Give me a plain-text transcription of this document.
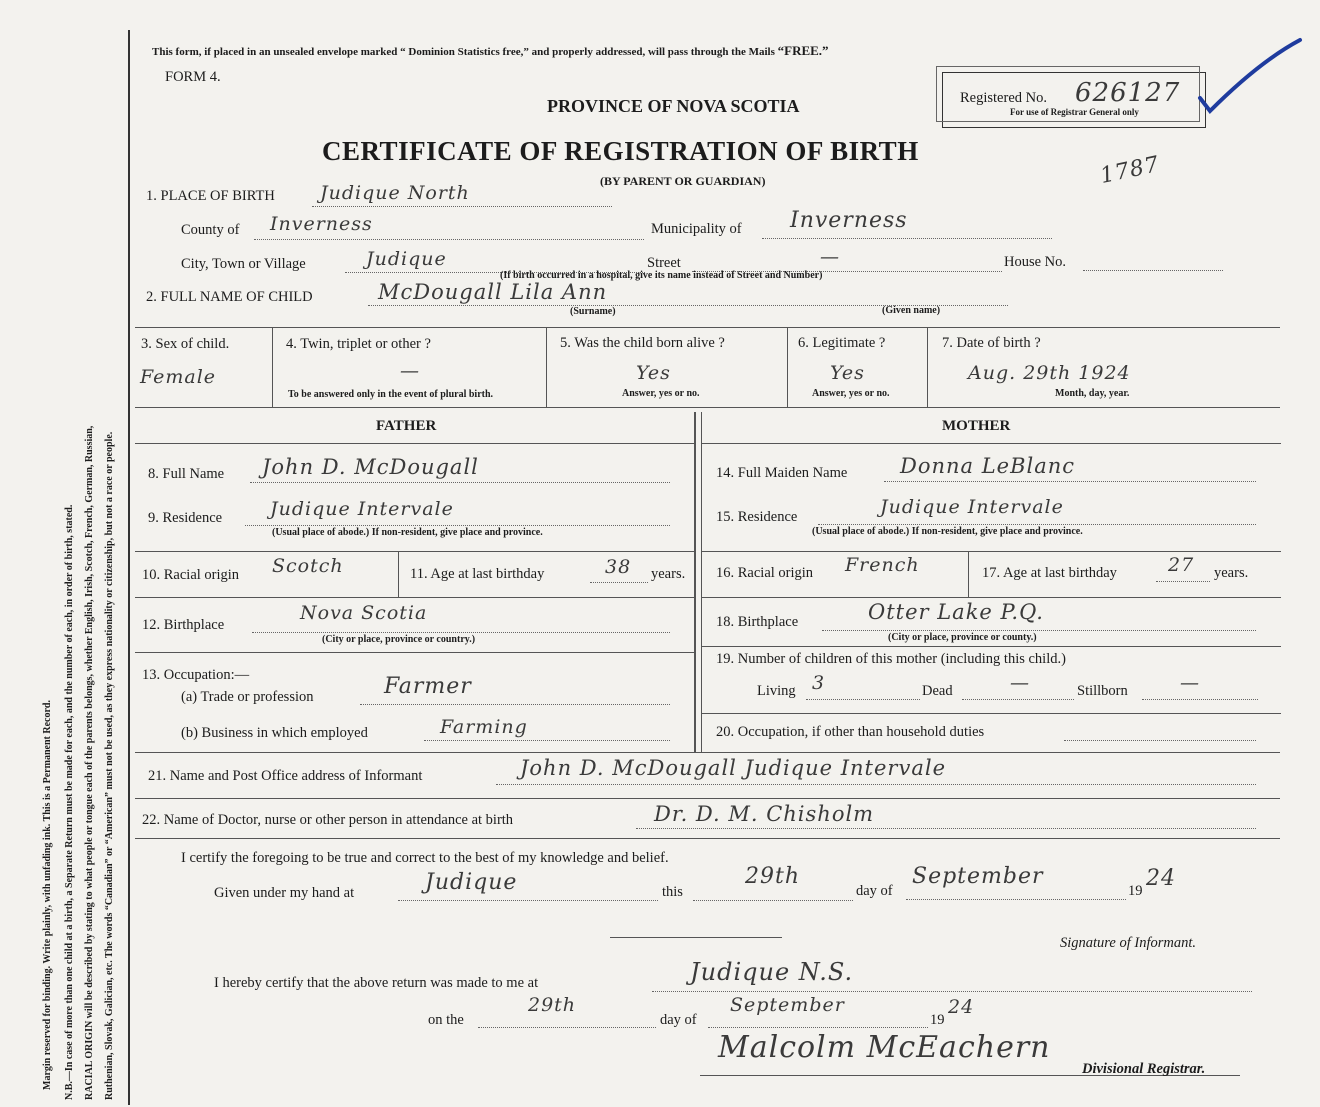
Margin reserved for binding. Write plainly, with unfading ink. This is a Permanent Record. N.B.—In case of more than one child at a birth, a Separate Return must be made for each, and the number of each, in order of birth, stated. RACIAL ORIGIN will be described by stating to what people or tongue each of the parents belongs, whether English, Irish, Scotch, French, German, Russian, Ruthenian, Slovak, Galician, etc. The words “Canadian” or “American” must not be used, as they express nationality or citizenship, but not a race or people.
This form, if placed in an unsealed envelope marked “ Dominion Statistics free,” and properly addressed, will pass through the Mails “FREE.”
FORM 4.
PROVINCE OF NOVA SCOTIA
CERTIFICATE OF REGISTRATION OF BIRTH
(BY PARENT OR GUARDIAN)
Registered No. 626127
For use of Registrar General only
1787
1. PLACE OF BIRTH Judique North
County of Inverness	Municipality of Inverness
City, Town or Village	Judique	Street	—	House No.
(If birth occurred in a hospital, give its name instead of Street and Number)
2. FULL NAME OF CHILD	McDougall Lila Ann
(Surname)	(Given name)
3. Sex of child.
Female
4. Twin, triplet or other ?
—
To be answered only in the event of plural birth.
5. Was the child born alive ?
Yes
Answer, yes or no.
6. Legitimate ?
Yes
Answer, yes or no.
7. Date of birth ?
Aug. 29th 1924
Month, day, year.
FATHER	MOTHER
8. Full Name John D. McDougall
9. Residence	Judique Intervale
(Usual place of abode.) If non-resident, give place and province.
10. Racial origin Scotch	11. Age at last birthday	38 years.
12. Birthplace
Nova Scotia
(City or place, province or country.)
13. Occupation:—
(a) Trade or profession	Farmer
(b) Business in which employed	Farming
14. Full Maiden Name	Donna LeBlanc
15. Residence	Judique Intervale
(Usual place of abode.) If non-resident, give place and province.
16. Racial origin French	17. Age at last birthday	27 years.
18. Birthplace	Otter Lake P.Q.
(City or place, province or county.)
19. Number of children of this mother (including this child.)
Living 3	Dead	—	Stillborn	—
20. Occupation, if other than household duties
21. Name and Post Office address of Informant	John D. McDougall Judique Intervale
22. Name of Doctor, nurse or other person in attendance at birth	Dr. D. M. Chisholm
I certify the foregoing to be true and correct to the best of my knowledge and belief.
Given under my hand at	Judique	this
29th
day of
September
19 24
Signature of Informant.
I hereby certify that the above return was made to me at	Judique N.S.
on the
29th
day of
September
19
24
Malcolm McEachern
Divisional Registrar.
